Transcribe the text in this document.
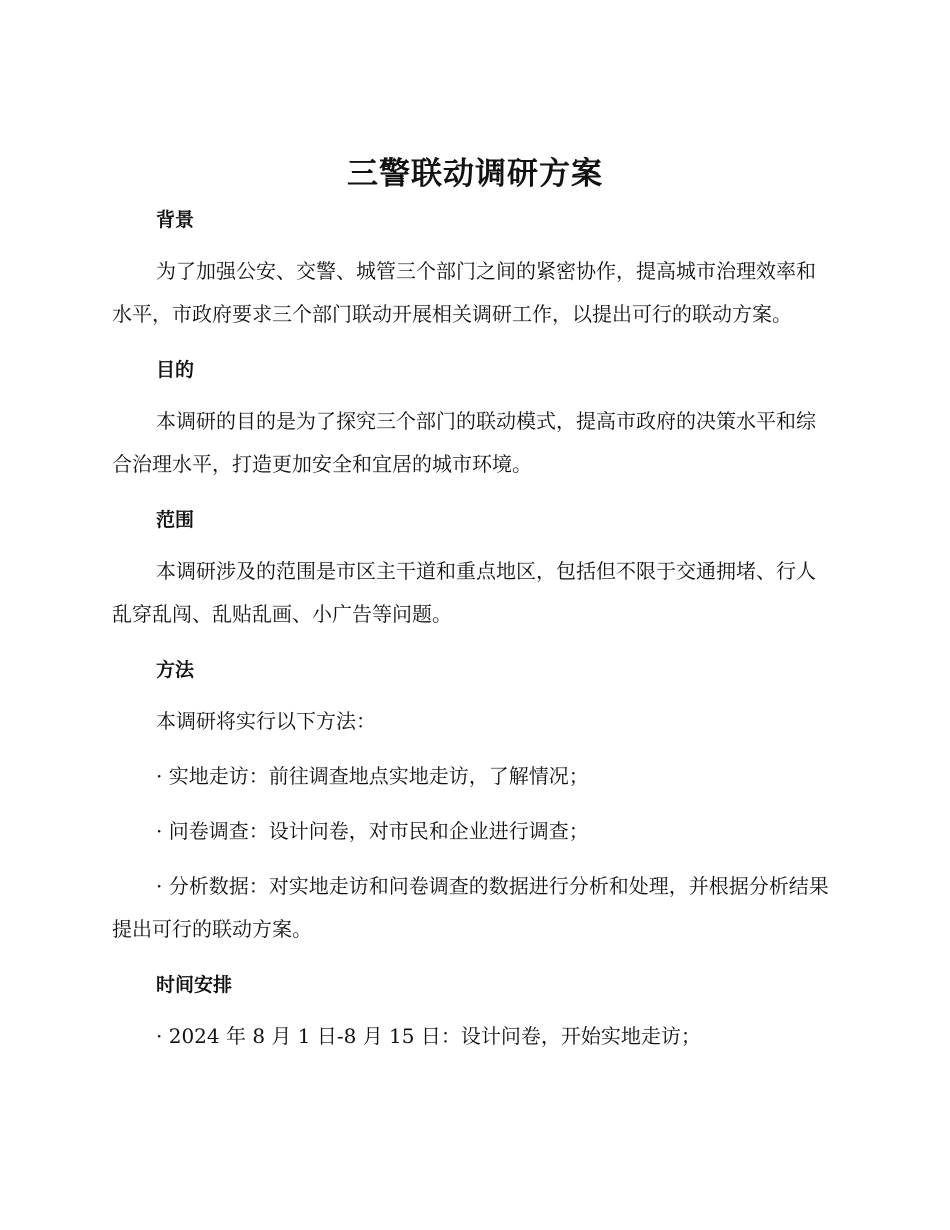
三警联动调研方案
背景

为了加强公安、交警、城管三个部门之间的紧密协作，提高城市治理效率和水平，市政府要求三个部门联动开展相关调研工作，以提出可行的联动方案。

目的

本调研的目的是为了探究三个部门的联动模式，提高市政府的决策水平和综合治理水平，打造更加安全和宜居的城市环境。

范围

本调研涉及的范围是市区主干道和重点地区，包括但不限于交通拥堵、行人乱穿乱闯、乱贴乱画、小广告等问题。

方法

本调研将实行以下方法：

· 实地走访：前往调查地点实地走访，了解情况；

· 问卷调查：设计问卷，对市民和企业进行调查；

· 分析数据：对实地走访和问卷调查的数据进行分析和处理，并根据分析结果提出可行的联动方案。

时间安排

· 2024 年 8 月 1 日-8 月 15 日：设计问卷，开始实地走访；
